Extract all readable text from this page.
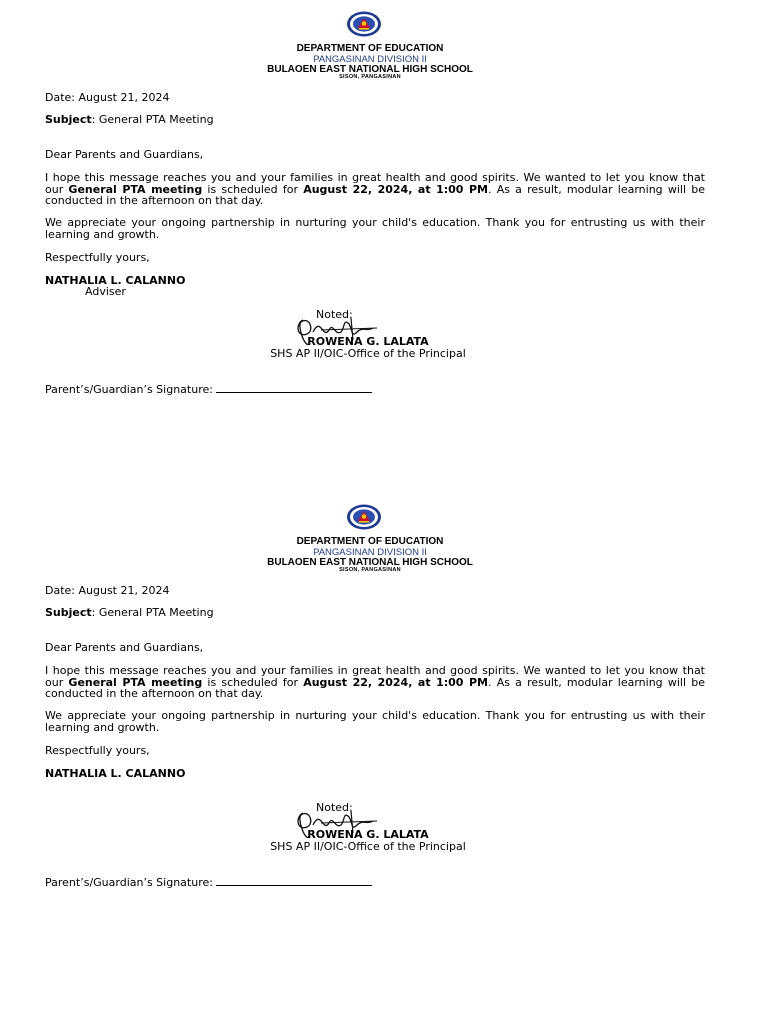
DEPARTMENT OF EDUCATION
PANGASINAN DIVISION II
BULAOEN EAST NATIONAL HIGH SCHOOL
SISON, PANGASINAN
Date: August 21, 2024
Subject: General PTA Meeting
Dear Parents and Guardians,
I hope this message reaches you and your families in great health and good spirits. We wanted to let you know that our General PTA meeting is scheduled for August 22, 2024, at 1:00 PM. As a result, modular learning will be conducted in the afternoon on that day.
We appreciate your ongoing partnership in nurturing your child's education. Thank you for entrusting us with their learning and growth.
Respectfully yours,
NATHALIA L. CALANNO
Adviser
Noted:
ROWENA G. LALATA
SHS AP II/OIC-Office of the Principal
Parent’s/Guardian’s Signature:
DEPARTMENT OF EDUCATION
PANGASINAN DIVISION II
BULAOEN EAST NATIONAL HIGH SCHOOL
SISON, PANGASINAN
Date: August 21, 2024
Subject: General PTA Meeting
Dear Parents and Guardians,
I hope this message reaches you and your families in great health and good spirits. We wanted to let you know that our General PTA meeting is scheduled for August 22, 2024, at 1:00 PM. As a result, modular learning will be conducted in the afternoon on that day.
We appreciate your ongoing partnership in nurturing your child's education. Thank you for entrusting us with their learning and growth.
Respectfully yours,
NATHALIA L. CALANNO
Noted:
ROWENA G. LALATA
SHS AP II/OIC-Office of the Principal
Parent’s/Guardian’s Signature:
